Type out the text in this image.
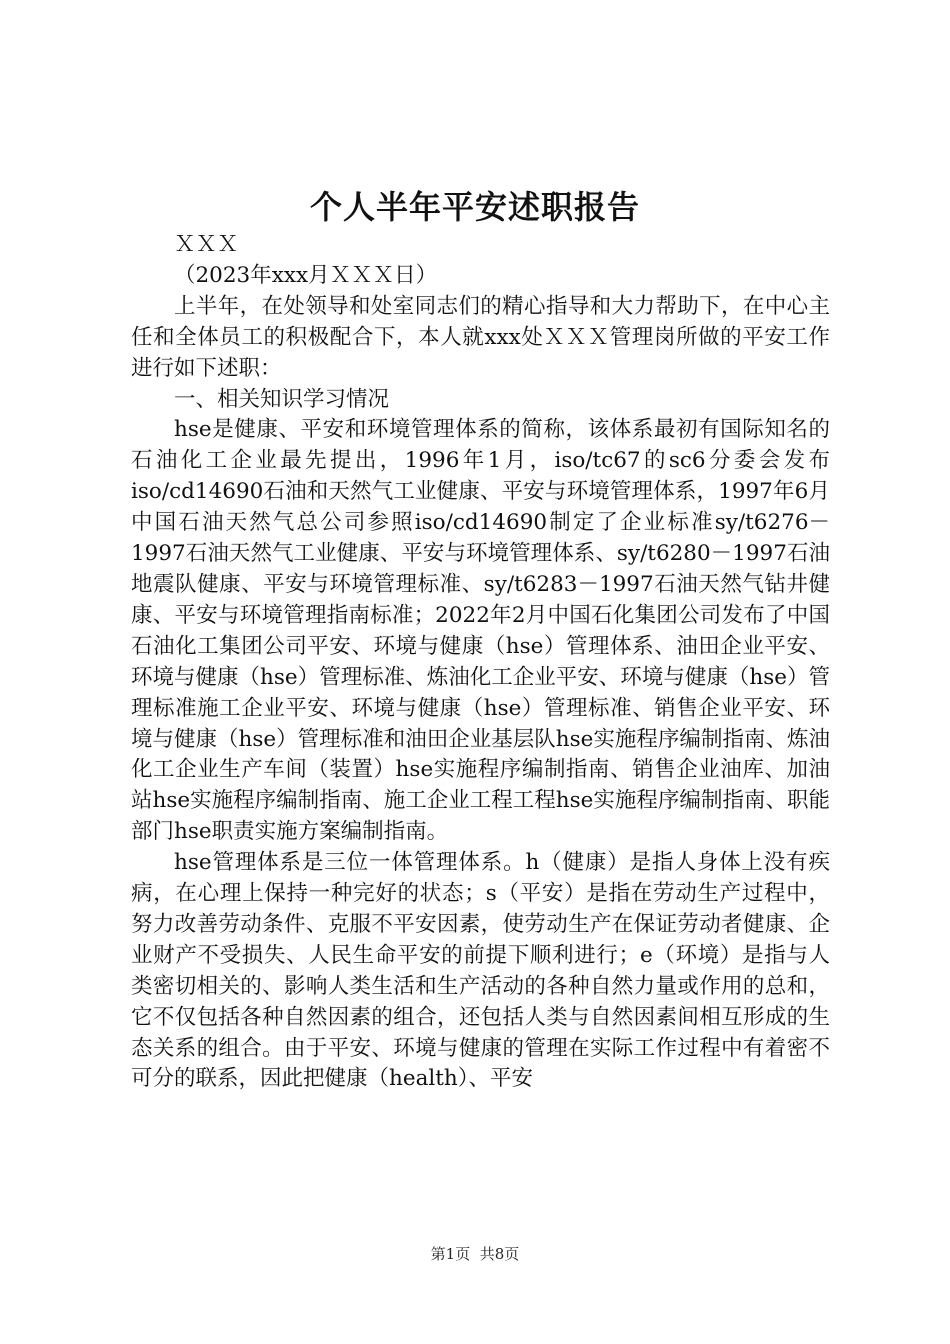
个人半年平安述职报告

ＸＸＸ

（2023年xxx月ＸＸＸ日）

上半年，在处领导和处室同志们的精心指导和大力帮助下，在中心主任和全体员工的积极配合下，本人就xxx处ＸＸＸ管理岗所做的平安工作进行如下述职：

一、相关知识学习情况

hse是健康、平安和环境管理体系的简称，该体系最初有国际知名的石油化工企业最先提出，1996年1月，iso/tc67的sc6分委会发布iso/cd14690石油和天然气工业健康、平安与环境管理体系，1997年6月中国石油天然气总公司参照iso/cd14690制定了企业标准sy/t6276－1997石油天然气工业健康、平安与环境管理体系、sy/t6280－1997石油地震队健康、平安与环境管理标准、sy/t6283－1997石油天然气钻井健康、平安与环境管理指南标准；2022年2月中国石化集团公司发布了中国石油化工集团公司平安、环境与健康（hse）管理体系、油田企业平安、环境与健康（hse）管理标准、炼油化工企业平安、环境与健康（hse）管理标准施工企业平安、环境与健康（hse）管理标准、销售企业平安、环境与健康（hse）管理标准和油田企业基层队hse实施程序编制指南、炼油化工企业生产车间（装置）hse实施程序编制指南、销售企业油库、加油站hse实施程序编制指南、施工企业工程工程hse实施程序编制指南、职能部门hse职责实施方案编制指南。

hse管理体系是三位一体管理体系。h（健康）是指人身体上没有疾病，在心理上保持一种完好的状态；s（平安）是指在劳动生产过程中，努力改善劳动条件、克服不平安因素，使劳动生产在保证劳动者健康、企业财产不受损失、人民生命平安的前提下顺利进行；e（环境）是指与人类密切相关的、影响人类生活和生产活动的各种自然力量或作用的总和，它不仅包括各种自然因素的组合，还包括人类与自然因素间相互形成的生态关系的组合。由于平安、环境与健康的管理在实际工作过程中有着密不可分的联系，因此把健康（health）、平安

第1页 共8页
